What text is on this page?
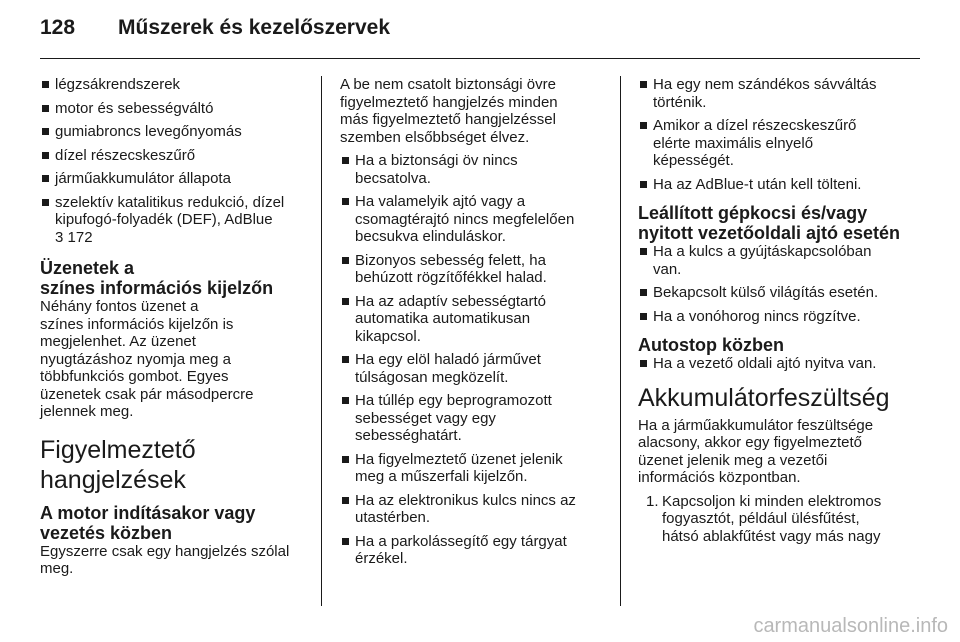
128 Műszerek és kezelőszervek
légzsákrendszerek
motor és sebességváltó
gumiabroncs levegőnyomás
dízel részecskeszűrő
járműakkumulátor állapota
szelektív katalitikus redukció, dízel
kipufogó-folyadék (DEF), AdBlue
3 172
Üzenetek a
színes információs kijelzőn

Néhány fontos üzenet a
színes információs kijelzőn is
megjelenhet. Az üzenet
nyugtázáshoz nyomja meg a
többfunkciós gombot. Egyes
üzenetek csak pár másodpercre
jelennek meg.

Figyelmeztető
hangjelzések
A motor indításakor vagy
vezetés közben

Egyszerre csak egy hangjelzés szólal
meg.

A be nem csatolt biztonsági övre
figyelmeztető hangjelzés minden
más figyelmeztető hangjelzéssel
szemben elsőbbséget élvez.

Ha a biztonsági öv nincs
becsatolva.
Ha valamelyik ajtó vagy a
csomagtérajtó nincs megfelelően
becsukva elinduláskor.
Bizonyos sebesség felett, ha
behúzott rögzítőfékkel halad.
Ha az adaptív sebességtartó
automatika automatikusan
kikapcsol.
Ha egy elöl haladó járművet
túlságosan megközelít.
Ha túllép egy beprogramozott
sebességet vagy egy
sebességhatárt.
Ha figyelmeztető üzenet jelenik
meg a műszerfali kijelzőn.
Ha az elektronikus kulcs nincs az
utastérben.
Ha a parkolássegítő egy tárgyat
érzékel.
Ha egy nem szándékos sávváltás
történik.
Amikor a dízel részecskeszűrő
elérte maximális elnyelő
képességét.
Ha az AdBlue-t után kell tölteni.
Leállított gépkocsi és/vagy
nyitott vezetőoldali ajtó esetén
Ha a kulcs a gyújtáskapcsolóban
van.
Bekapcsolt külső világítás esetén.
Ha a vonóhorog nincs rögzítve.
Autostop közben
Ha a vezető oldali ajtó nyitva van.
Akkumulátorfeszültség

Ha a járműakkumulátor feszültsége
alacsony, akkor egy figyelmeztető
üzenet jelenik meg a vezetői
információs központban.

1. Kapcsoljon ki minden elektromos
fogyasztót, például ülésfűtést,
hátsó ablakfűtést vagy más nagy
carmanualsonline.info
